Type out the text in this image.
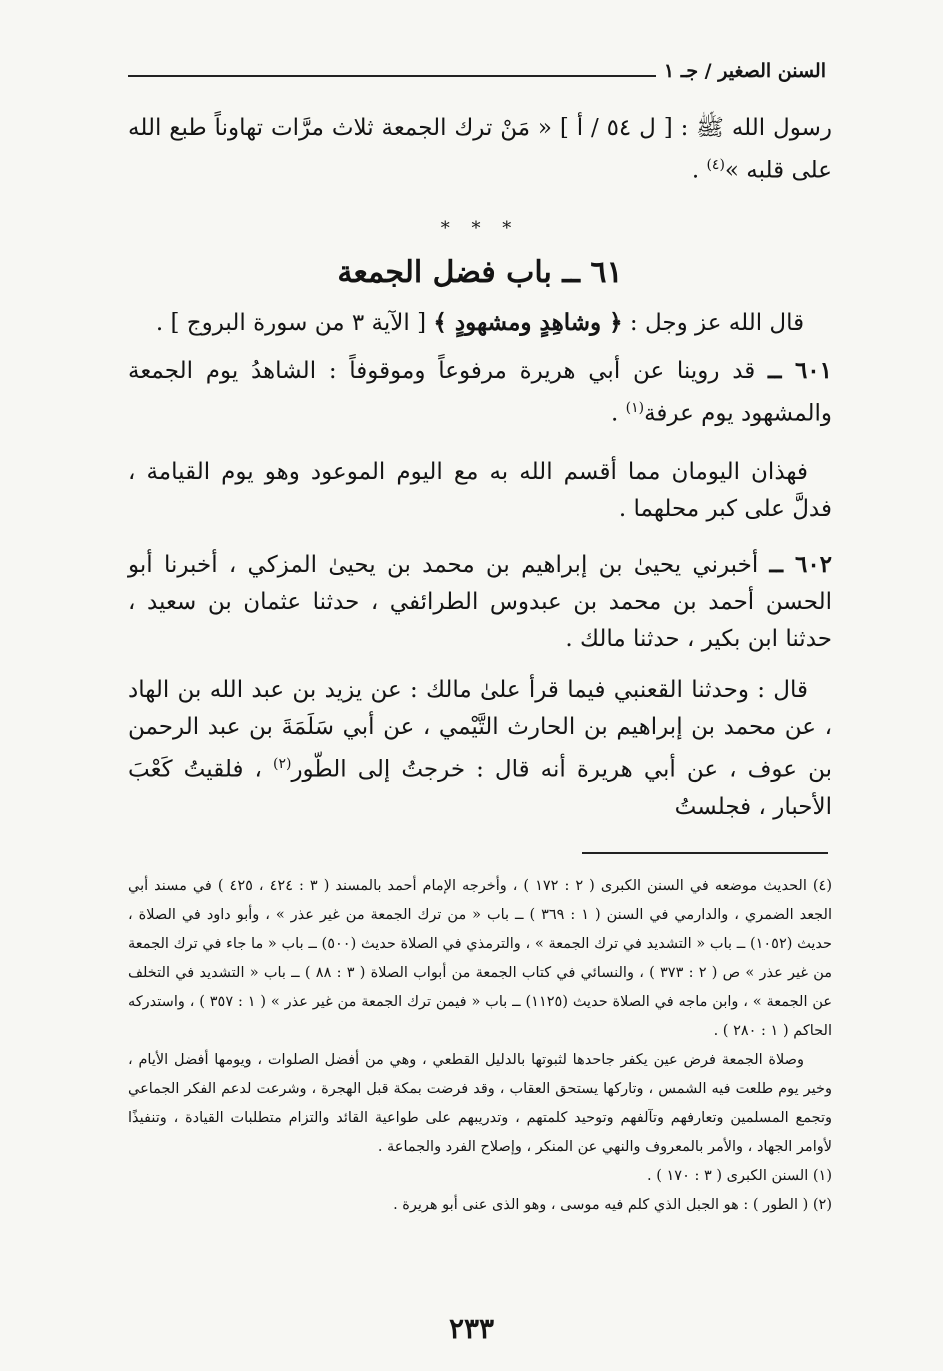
السنن الصغير / جـ ١

رسول الله ﷺ : [ ل ٥٤ / أ ] « مَنْ ترك الجمعة ثلاث مرَّات تهاوناً طبع الله على قلبه »$^{(٤)}$ .

* * *
٦١ ــ باب فضل الجمعة
قال الله عز وجل : ﴿ وشاهِدٍ ومشهودٍ ﴾ [ الآية ٣ من سورة البروج ] .

٦٠١ ــ قد روينا عن أبي هريرة مرفوعاً وموقوفاً : الشاهدُ يوم الجمعة والمشهود يوم عرفة$^{(١)}$ .

فهذان اليومان مما أقسم الله به مع اليوم الموعود وهو يوم القيامة ، فدلَّ على كبر محلهما .

٦٠٢ ــ أخبرني يحيىٰ بن إبراهيم بن محمد بن يحيىٰ المزكي ، أخبرنا أبو الحسن أحمد بن محمد بن عبدوس الطرائفي ، حدثنا عثمان بن سعيد ، حدثنا ابن بكير ، حدثنا مالك .

قال : وحدثنا القعنبي فيما قرأ علىٰ مالك : عن يزيد بن عبد الله بن الهاد ، عن محمد بن إبراهيم بن الحارث التَّيْمي ، عن أبي سَلَمَةَ بن عبد الرحمن بن عوف ، عن أبي هريرة أنه قال : خرجتُ إلى الطّور$^{(٢)}$ ، فلقيتُ كَعْبَ الأحبار ، فجلستُ

(٤) الحديث موضعه في السنن الكبرى ( ٢ : ١٧٢ ) ، وأخرجه الإمام أحمد بالمسند ( ٣ : ٤٢٤ ، ٤٢٥ ) في مسند أبي الجعد الضمري ، والدارمي في السنن ( ١ : ٣٦٩ ) ــ باب « من ترك الجمعة من غير عذر » ، وأبو داود في الصلاة ، حديث (١٠٥٢) ــ باب « التشديد في ترك الجمعة » ، والترمذي في الصلاة حديث (٥٠٠) ــ باب « ما جاء في ترك الجمعة من غير عذر » ص ( ٢ : ٣٧٣ ) ، والنسائي في كتاب الجمعة من أبواب الصلاة ( ٣ : ٨٨ ) ــ باب « التشديد في التخلف عن الجمعة » ، وابن ماجه في الصلاة حديث (١١٢٥) ــ باب « فيمن ترك الجمعة من غير عذر » ( ١ : ٣٥٧ ) ، واستدركه الحاكم ( ١ : ٢٨٠ ) .

وصلاة الجمعة فرض عين يكفر جاحدها لثبوتها بالدليل القطعي ، وهي من أفضل الصلوات ، ويومها أفضل الأيام ، وخير يوم طلعت فيه الشمس ، وتاركها يستحق العقاب ، وقد فرضت بمكة قبل الهجرة ، وشرعت لدعم الفكر الجماعي وتجمع المسلمين وتعارفهم وتآلفهم وتوحيد كلمتهم ، وتدريبهم على طواعية القائد والتزام متطلبات القيادة ، وتنفيذًا لأوامر الجهاد ، والأمر بالمعروف والنهي عن المنكر ، وإصلاح الفرد والجماعة .

(١) السنن الكبرى ( ٣ : ١٧٠ ) .

(٢) ( الطور ) : هو الجبل الذي كلم فيه موسى ، وهو الذى عنى أبو هريرة .

٢٣٣
